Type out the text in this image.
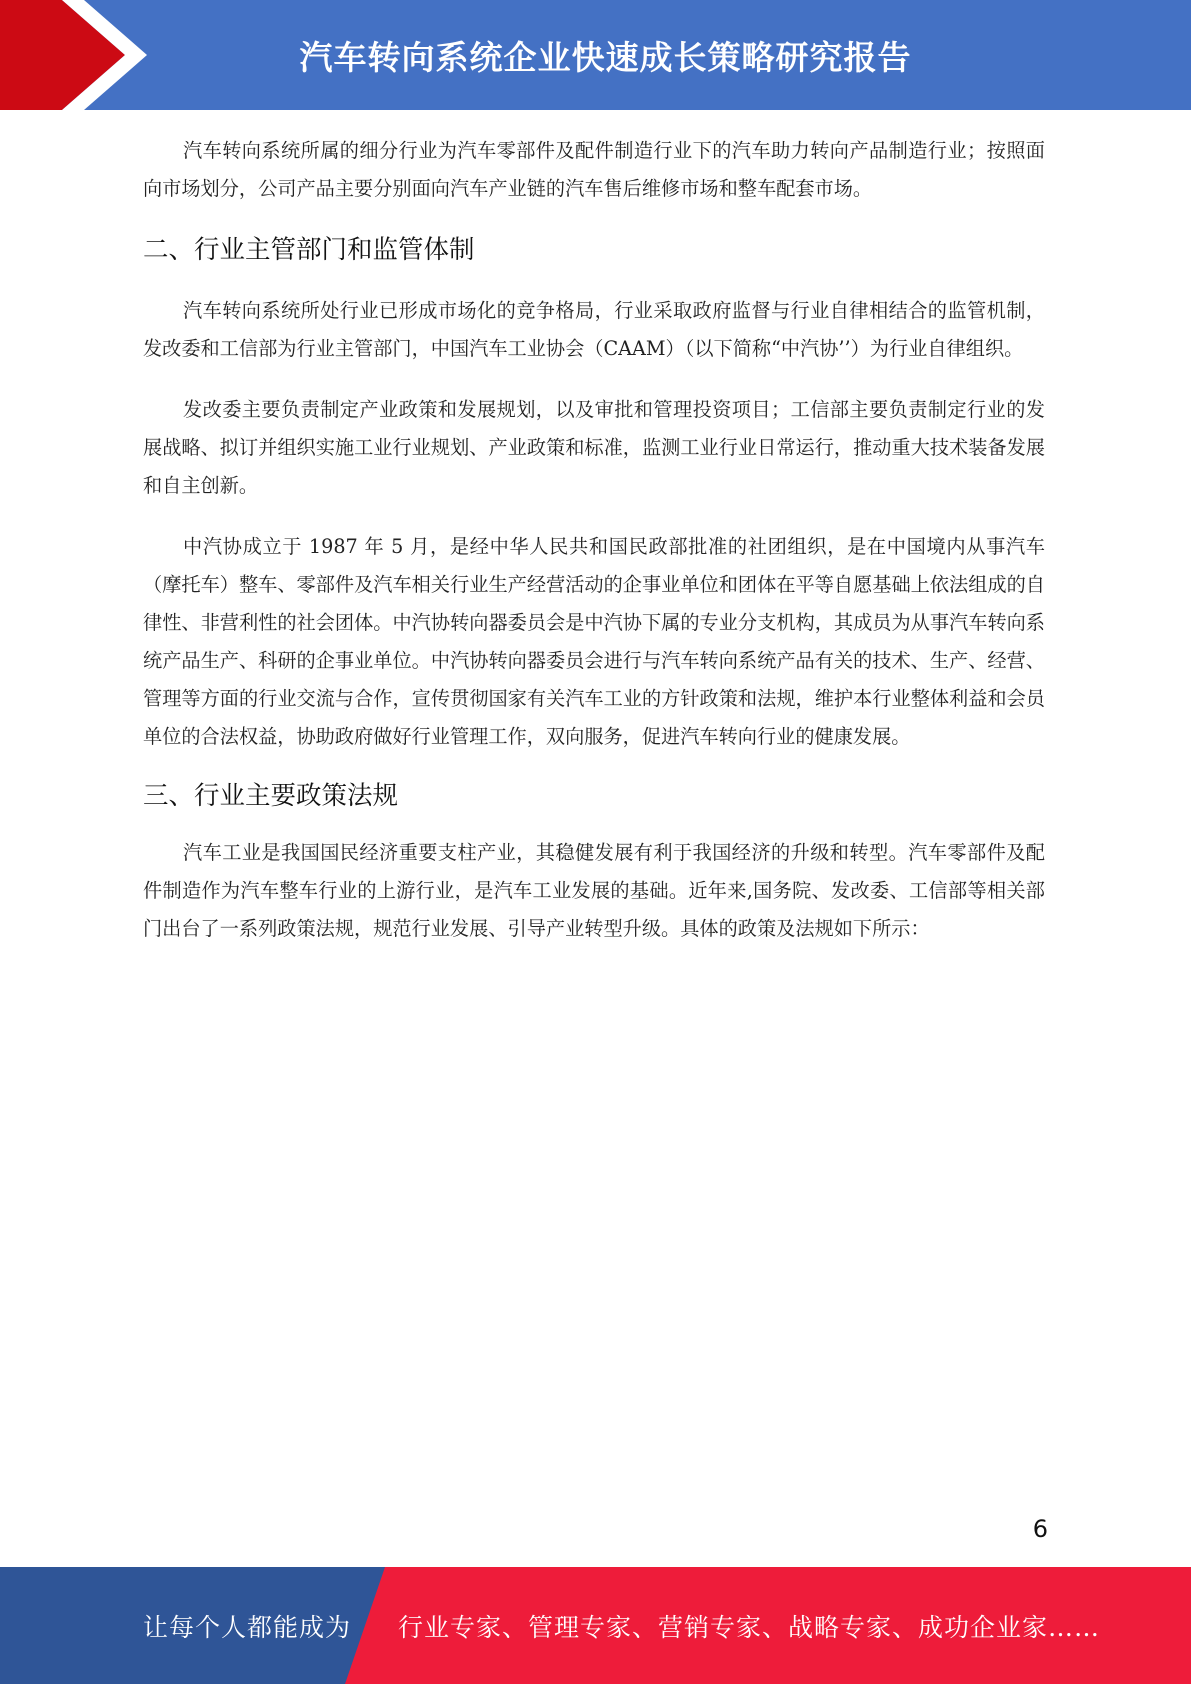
汽车转向系统企业快速成长策略研究报告

汽车转向系统所属的细分行业为汽车零部件及配件制造行业下的汽车助力转向产品制造行业；按照面向市场划分，公司产品主要分别面向汽车产业链的汽车售后维修市场和整车配套市场。

二、行业主管部门和监管体制

汽车转向系统所处行业已形成市场化的竞争格局，行业采取政府监督与行业自律相结合的监管机制，发改委和工信部为行业主管部门，中国汽车工业协会（CAAM）（以下简称“中汽协’’）为行业自律组织。

发改委主要负责制定产业政策和发展规划，以及审批和管理投资项目；工信部主要负责制定行业的发展战略、拟订并组织实施工业行业规划、产业政策和标准，监测工业行业日常运行，推动重大技术装备发展和自主创新。

中汽协成立于 1987 年 5 月，是经中华人民共和国民政部批准的社团组织，是在中国境内从事汽车（摩托车）整车、零部件及汽车相关行业生产经营活动的企事业单位和团体在平等自愿基础上依法组成的自律性、非营利性的社会团体。中汽协转向器委员会是中汽协下属的专业分支机构，其成员为从事汽车转向系统产品生产、科研的企事业单位。中汽协转向器委员会进行与汽车转向系统产品有关的技术、生产、经营、管理等方面的行业交流与合作，宣传贯彻国家有关汽车工业的方针政策和法规，维护本行业整体利益和会员单位的合法权益，协助政府做好行业管理工作，双向服务，促进汽车转向行业的健康发展。

三、行业主要政策法规

汽车工业是我国国民经济重要支柱产业，其稳健发展有利于我国经济的升级和转型。汽车零部件及配件制造作为汽车整车行业的上游行业，是汽车工业发展的基础。近年来,国务院、发改委、工信部等相关部门出台了一系列政策法规，规范行业发展、引导产业转型升级。具体的政策及法规如下所示：

6
让每个人都能成为 行业专家、管理专家、营销专家、战略专家、成功企业家……
